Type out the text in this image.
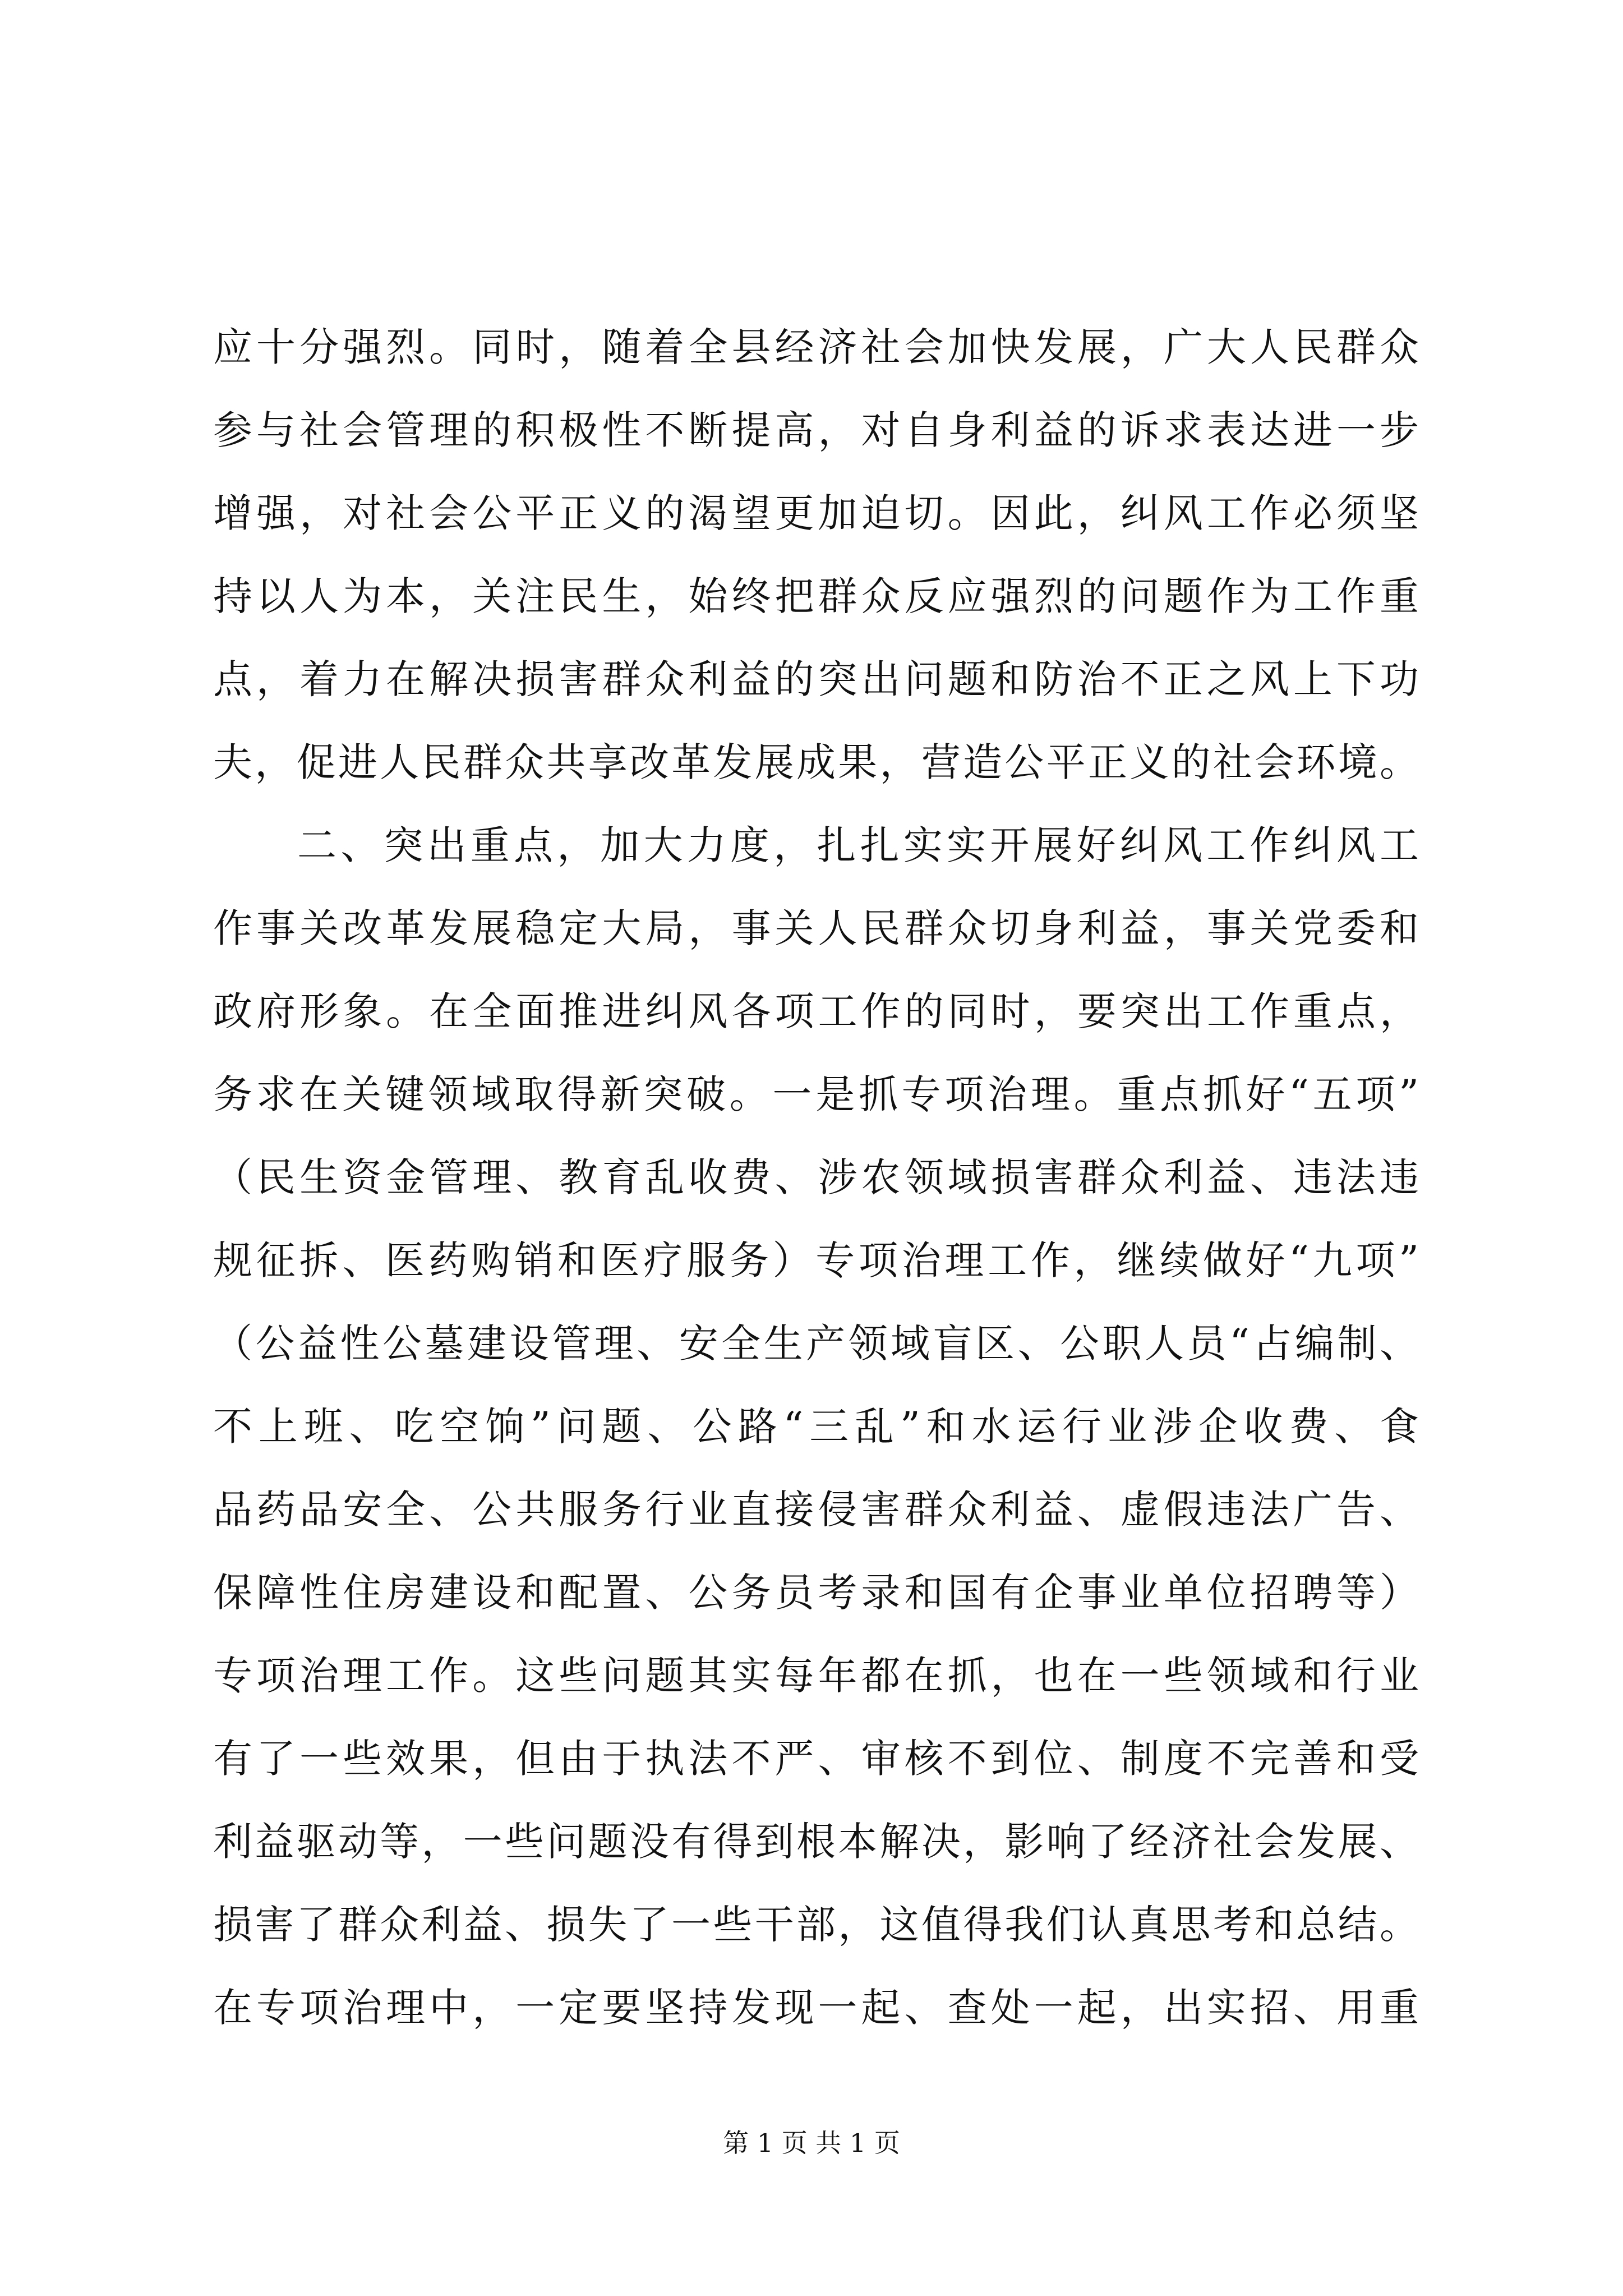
应十分强烈。同时，随着全县经济社会加快发展，广大人民群众
参与社会管理的积极性不断提高，对自身利益的诉求表达进一步
增强，对社会公平正义的渴望更加迫切。因此，纠风工作必须坚
持以人为本，关注民生，始终把群众反应强烈的问题作为工作重
点，着力在解决损害群众利益的突出问题和防治不正之风上下功
夫，促进人民群众共享改革发展成果，营造公平正义的社会环境。
二、突出重点，加大力度，扎扎实实开展好纠风工作纠风工
作事关改革发展稳定大局，事关人民群众切身利益，事关党委和
政府形象。在全面推进纠风各项工作的同时，要突出工作重点，
务求在关键领域取得新突破。一是抓专项治理。重点抓好“五项”
（民生资金管理、教育乱收费、涉农领域损害群众利益、违法违
规征拆、医药购销和医疗服务）专项治理工作，继续做好“九项”
（公益性公墓建设管理、安全生产领域盲区、公职人员“占编制、
不上班、吃空饷”问题、公路“三乱”和水运行业涉企收费、食
品药品安全、公共服务行业直接侵害群众利益、虚假违法广告、
保障性住房建设和配置、公务员考录和国有企事业单位招聘等）
专项治理工作。这些问题其实每年都在抓，也在一些领域和行业
有了一些效果，但由于执法不严、审核不到位、制度不完善和受
利益驱动等，一些问题没有得到根本解决，影响了经济社会发展、
损害了群众利益、损失了一些干部，这值得我们认真思考和总结。
在专项治理中，一定要坚持发现一起、查处一起，出实招、用重
第 1 页 共 1 页
